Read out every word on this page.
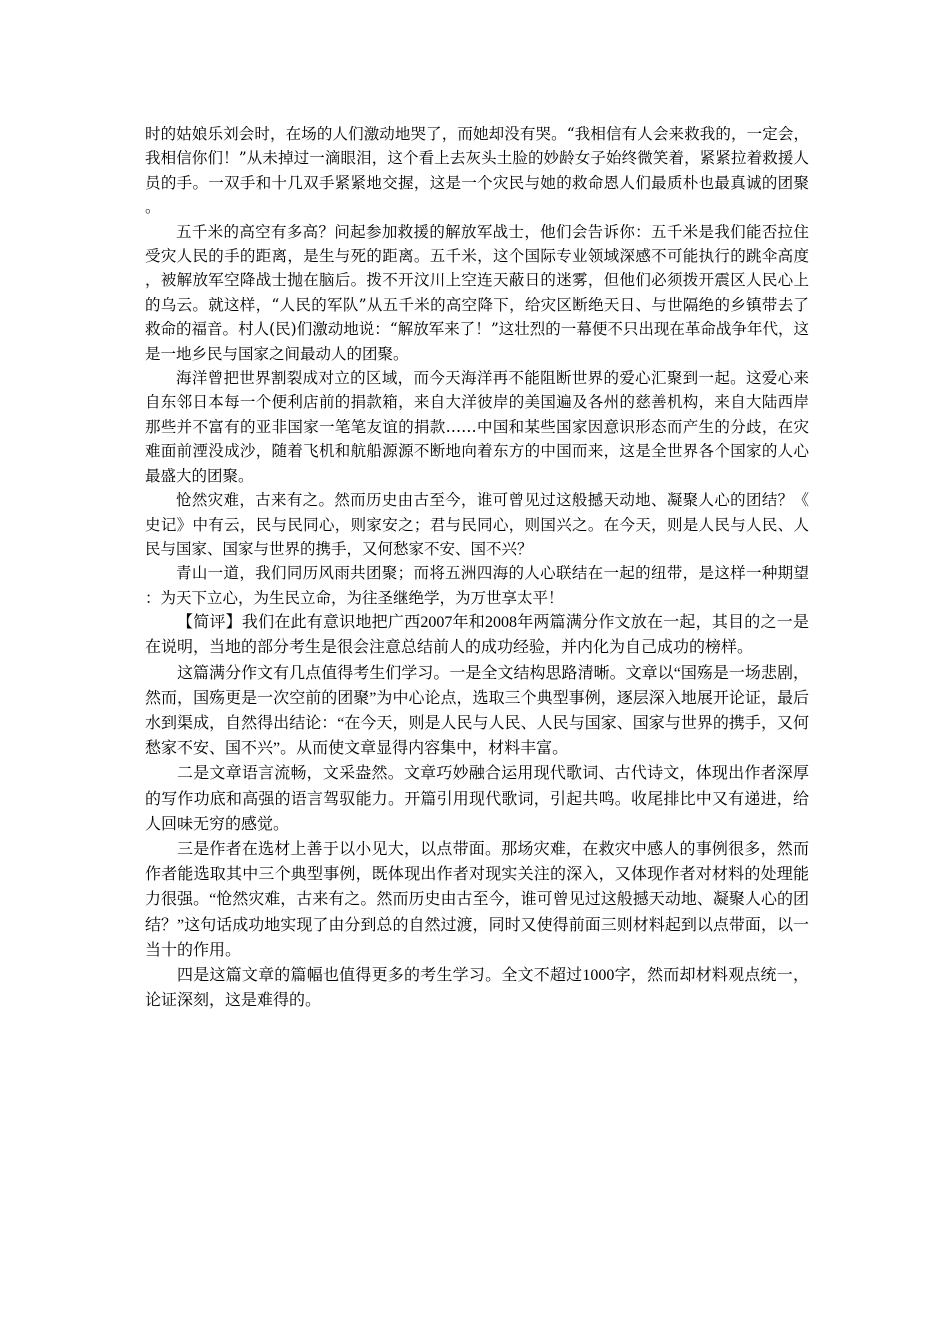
时的姑娘乐刘会时，在场的人们激动地哭了，而她却没有哭。“我相信有人会来救我的，一定会，我相信你们！”从未掉过一滴眼泪，这个看上去灰头土脸的妙龄女子始终微笑着，紧紧拉着救援人员的手。一双手和十几双手紧紧地交握，这是一个灾民与她的救命恩人们最质朴也最真诚的团聚。

五千米的高空有多高？问起参加救援的解放军战士，他们会告诉你：五千米是我们能否拉住受灾人民的手的距离，是生与死的距离。五千米，这个国际专业领域深感不可能执行的跳伞高度，被解放军空降战士抛在脑后。拨不开汶川上空连天蔽日的迷雾，但他们必须拨开震区人民心上的乌云。就这样，“人民的军队”从五千米的高空降下，给灾区断绝天日、与世隔绝的乡镇带去了救命的福音。村人(民)们激动地说：“解放军来了！”这壮烈的一幕便不只出现在革命战争年代，这是一地乡民与国家之间最动人的团聚。

海洋曾把世界割裂成对立的区域，而今天海洋再不能阻断世界的爱心汇聚到一起。这爱心来自东邻日本每一个便利店前的捐款箱，来自大洋彼岸的美国遍及各州的慈善机构，来自大陆西岸那些并不富有的亚非国家一笔笔友谊的捐款……中国和某些国家因意识形态而产生的分歧，在灾难面前湮没成沙，随着飞机和航船源源不断地向着东方的中国而来，这是全世界各个国家的人心最盛大的团聚。

怆然灾难，古来有之。然而历史由古至今，谁可曾见过这般撼天动地、凝聚人心的团结？《史记》中有云，民与民同心，则家安之；君与民同心，则国兴之。在今天，则是人民与人民、人民与国家、国家与世界的携手，又何愁家不安、国不兴？

青山一道，我们同历风雨共团聚；而将五洲四海的人心联结在一起的纽带，是这样一种期望：为天下立心，为生民立命，为往圣继绝学，为万世享太平！

【简评】我们在此有意识地把广西2007年和2008年两篇满分作文放在一起，其目的之一是在说明，当地的部分考生是很会注意总结前人的成功经验，并内化为自己成功的榜样。

这篇满分作文有几点值得考生们学习。一是全文结构思路清晰。文章以“国殇是一场悲剧，然而，国殇更是一次空前的团聚”为中心论点，选取三个典型事例，逐层深入地展开论证，最后水到渠成，自然得出结论：“在今天，则是人民与人民、人民与国家、国家与世界的携手，又何愁家不安、国不兴”。从而使文章显得内容集中，材料丰富。

二是文章语言流畅，文采盎然。文章巧妙融合运用现代歌词、古代诗文，体现出作者深厚的写作功底和高强的语言驾驭能力。开篇引用现代歌词，引起共鸣。收尾排比中又有递进，给人回味无穷的感觉。

三是作者在选材上善于以小见大，以点带面。那场灾难，在救灾中感人的事例很多，然而作者能选取其中三个典型事例，既体现出作者对现实关注的深入，又体现作者对材料的处理能力很强。“怆然灾难，古来有之。然而历史由古至今，谁可曾见过这般撼天动地、凝聚人心的团结？”这句话成功地实现了由分到总的自然过渡，同时又使得前面三则材料起到以点带面，以一当十的作用。

四是这篇文章的篇幅也值得更多的考生学习。全文不超过1000字，然而却材料观点统一，论证深刻，这是难得的。
